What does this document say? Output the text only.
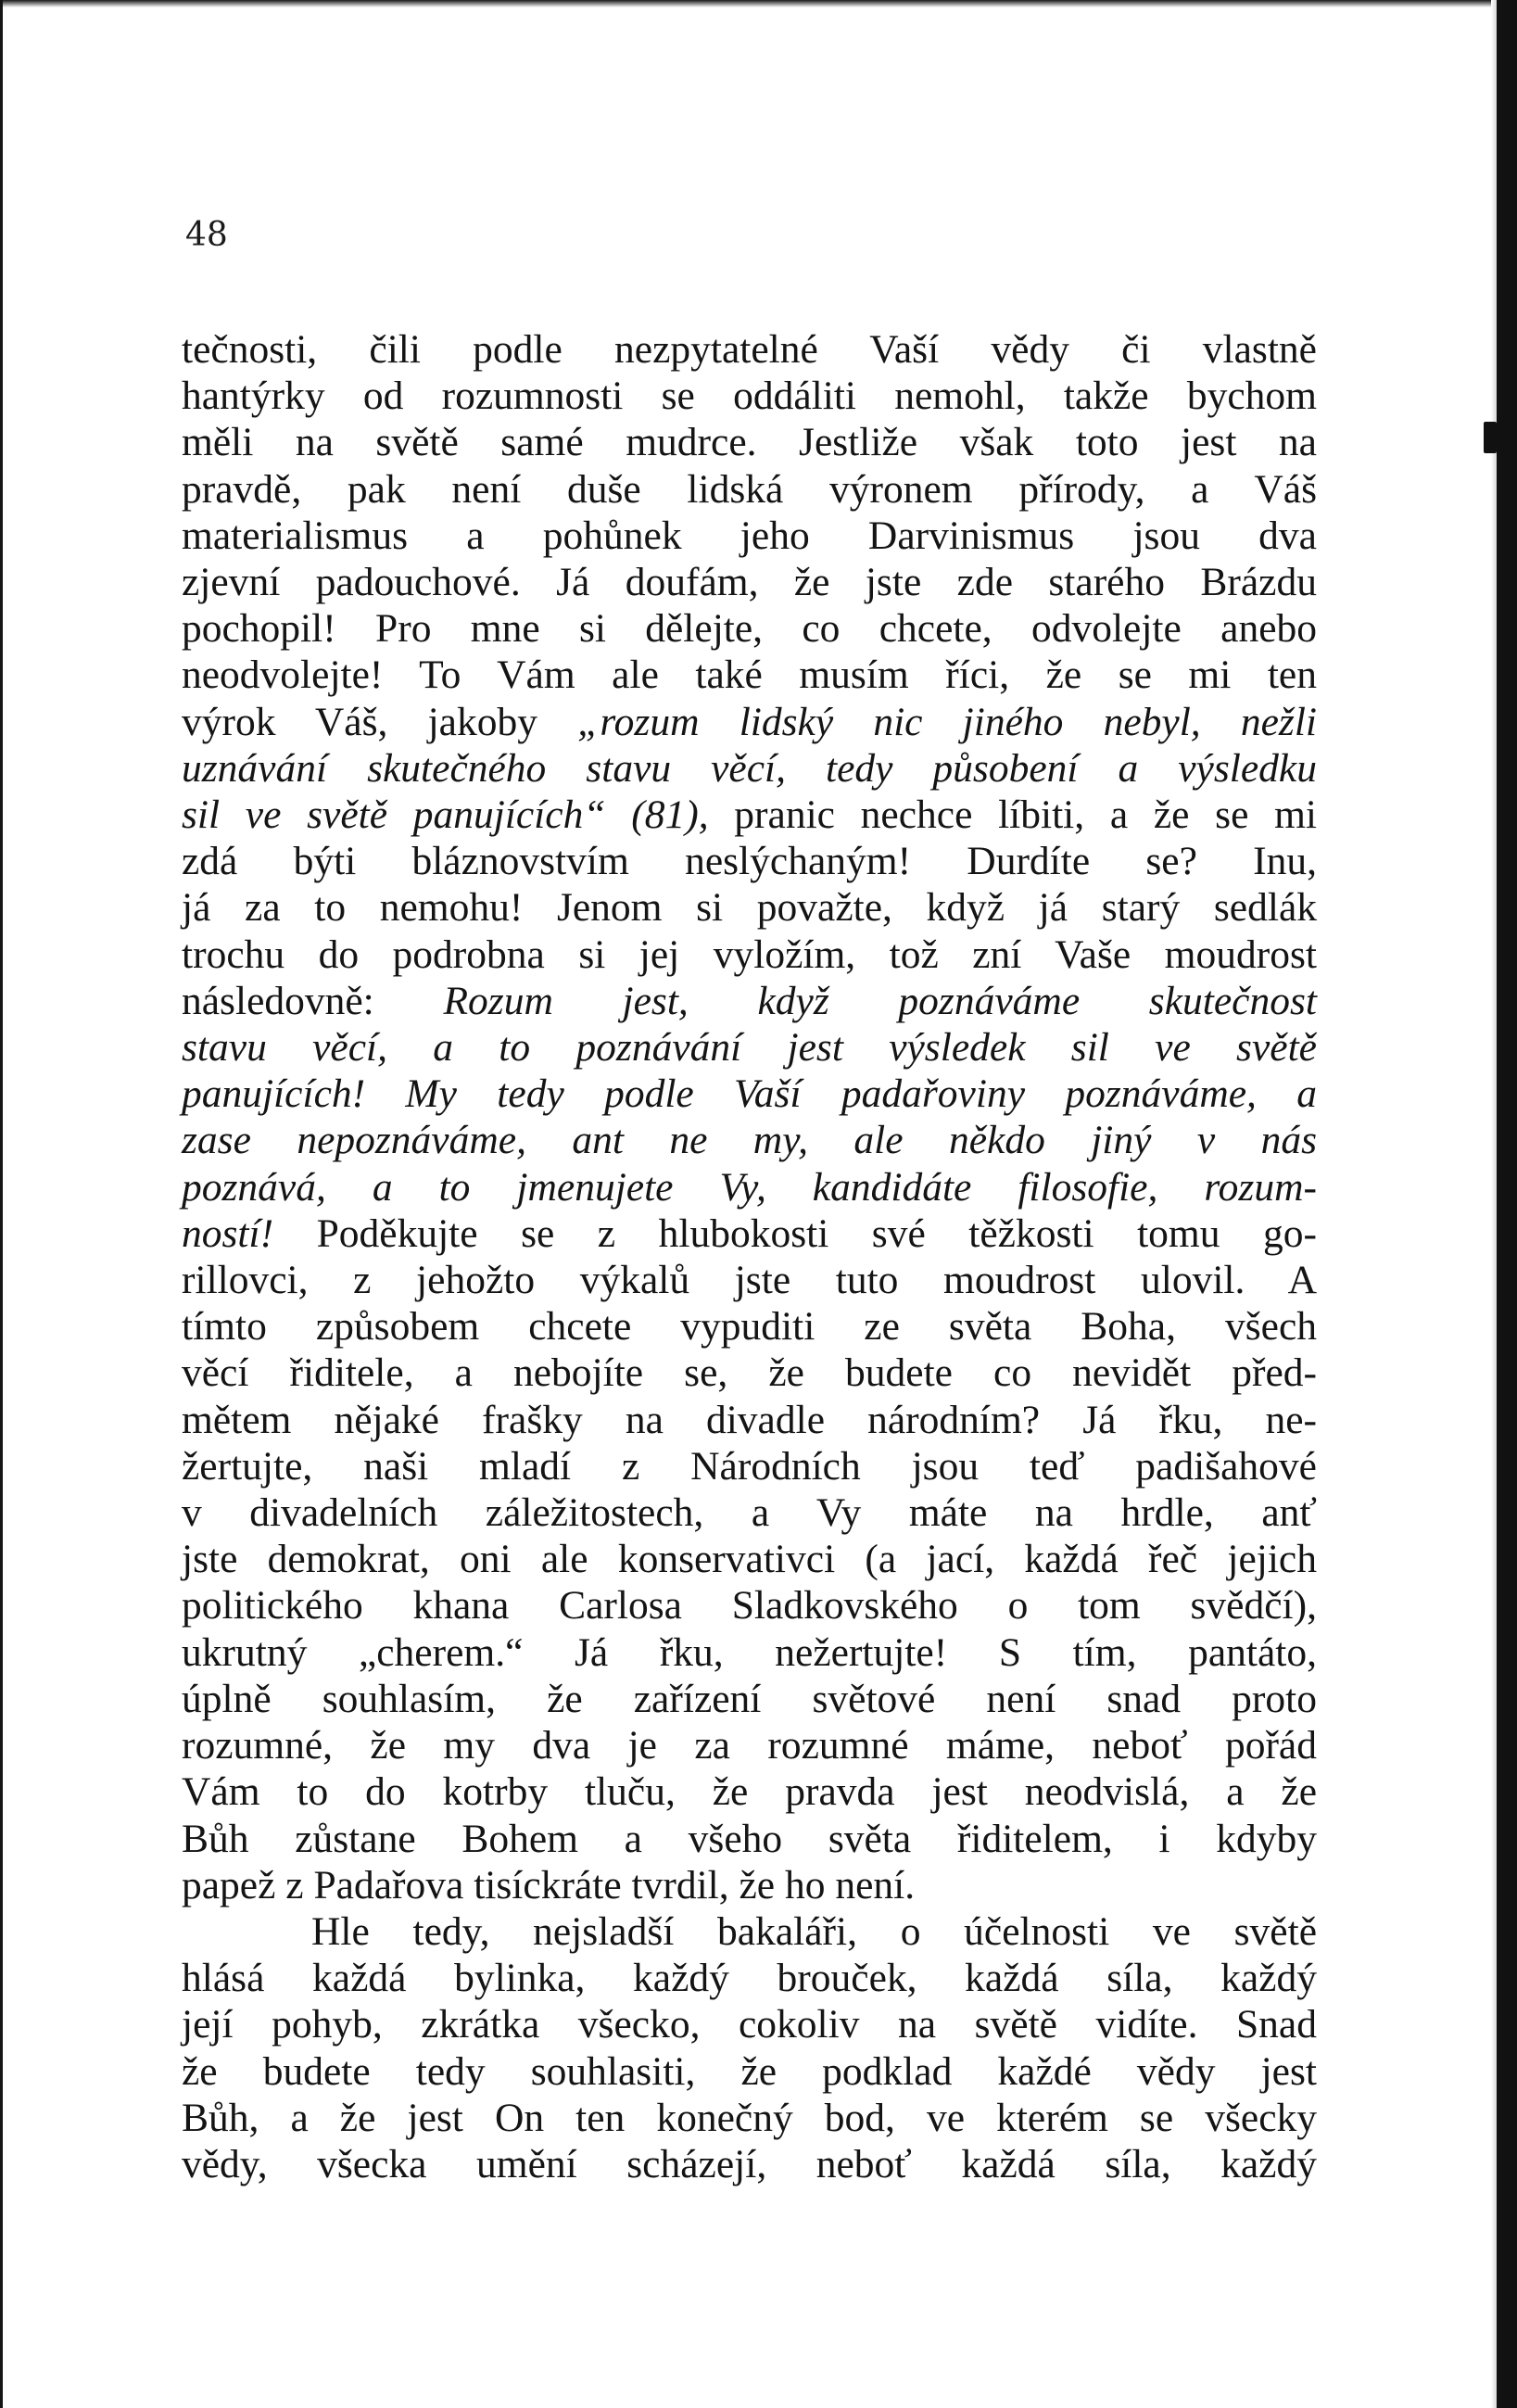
48
tečnosti, čili podle nezpytatelné Vaší vědy či vlastně
hantýrky od rozumnosti se oddáliti nemohl, takže bychom
měli na světě samé mudrce. Jestliže však toto jest na
pravdě, pak není duše lidská výronem přírody, a Váš
materialismus a pohůnek jeho Darvinismus jsou dva
zjevní padouchové. Já doufám, že jste zde starého Brázdu
pochopil! Pro mne si dělejte, co chcete, odvolejte anebo
neodvolejte! To Vám ale také musím říci, že se mi ten
výrok Váš, jakoby „rozum lidský nic jiného nebyl, nežli
uznávání skutečného stavu věcí, tedy působení a výsledku
sil ve světě panujících“ (81), pranic nechce líbiti, a že se mi
zdá býti bláznovstvím neslýchaným! Durdíte se? Inu,
já za to nemohu! Jenom si považte, když já starý sedlák
trochu do podrobna si jej vyložím, tož zní Vaše moudrost
následovně: Rozum jest, když poznáváme skutečnost
stavu věcí, a to poznávání jest výsledek sil ve světě
panujících! My tedy podle Vaší padařoviny poznáváme, a
zase nepoznáváme, ant ne my, ale někdo jiný v nás
poznává, a to jmenujete Vy, kandidáte filosofie, rozum-
ností! Poděkujte se z hlubokosti své těžkosti tomu go-
rillovci, z jehožto výkalů jste tuto moudrost ulovil. A
tímto způsobem chcete vypuditi ze světa Boha, všech
věcí řiditele, a nebojíte se, že budete co nevidět před-
mětem nějaké frašky na divadle národním? Já řku, ne-
žertujte, naši mladí z Národních jsou teď padišahové
v divadelních záležitostech, a Vy máte na hrdle, anť
jste demokrat, oni ale konservativci (a jací, každá řeč jejich
politického khana Carlosa Sladkovského o tom svědčí),
ukrutný „cherem.“ Já řku, nežertujte! S tím, pantáto,
úplně souhlasím, že zařízení světové není snad proto
rozumné, že my dva je za rozumné máme, neboť pořád
Vám to do kotrby tluču, že pravda jest neodvislá, a že
Bůh zůstane Bohem a všeho světa řiditelem, i kdyby
papež z Padařova tisíckráte tvrdil, že ho není.
Hle tedy, nejsladší bakaláři, o účelnosti ve světě
hlásá každá bylinka, každý brouček, každá síla, každý
její pohyb, zkrátka všecko, cokoliv na světě vidíte. Snad
že budete tedy souhlasiti, že podklad každé vědy jest
Bůh, a že jest On ten konečný bod, ve kterém se všecky
vědy, všecka umění scházejí, neboť každá síla, každý
